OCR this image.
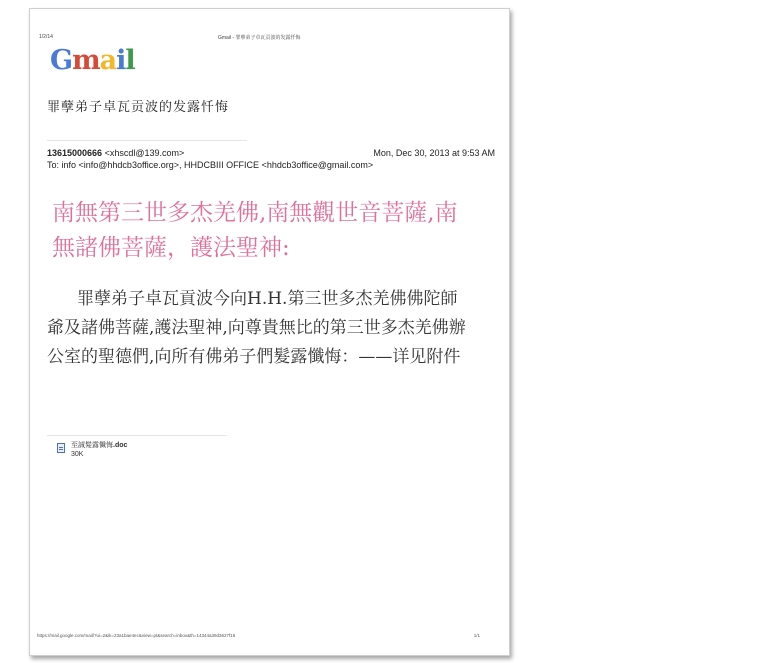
1/2/14	Gmail - 罪孽弟子卓瓦贡波的发露忏悔
Gmail
罪孽弟子卓瓦贡波的发露忏悔
13615000666 <xhscdl@139.com>	Mon, Dec 30, 2013 at 9:53 AM
To: info <info@hhdcb3office.org>, HHDCBIII OFFICE <hhdcb3office@gmail.com>
南無第三世多杰羌佛,南無觀世音菩薩,南無諸佛菩薩，護法聖神:
罪孽弟子卓瓦貢波今向H.H.第三世多杰羌佛佛陀師爺及諸佛菩薩,護法聖神,向尊貴無比的第三世多杰羌佛辦公室的聖德們,向所有佛弟子們髮露懺悔：——详见附件
至誠髮露懺悔.doc
30K
https://mail.google.com/mail/?ui=2&ik=23a1bae4ec&view=pt&search=inbox&th=14344a39d3627f16	1/1
